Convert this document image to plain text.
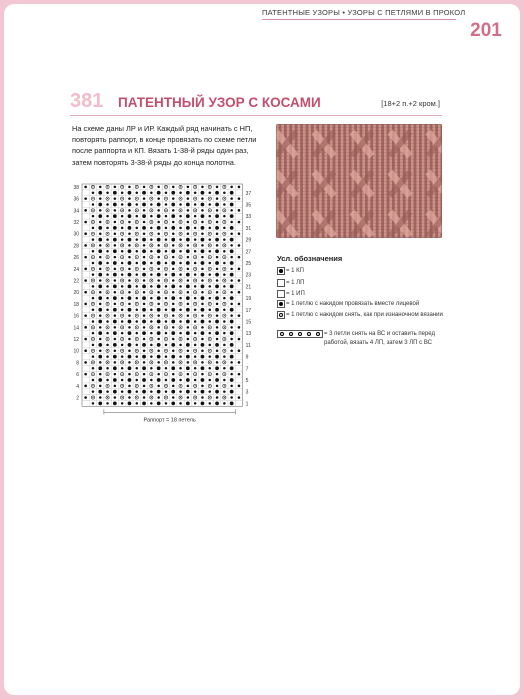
ПАТЕНТНЫЕ УЗОРЫ • УЗОРЫ С ПЕТЛЯМИ В ПРОКОЛ
201
381 ПАТЕНТНЫЙ УЗОР С КОСАМИ	[18+2 п.+2 кром.]
На схеме даны ЛР и ИР. Каждый ряд начинать с НП, повторять раппорт, в конце провязать по схеме петли после раппорта и КП. Вязать 1-38-й ряды один раз, затем повторять 3-38-й ряды до конца полотна.
Раппорт = 18 петель
38
36
34
32
30
28
26
24
22
20
18
16
14
12
10
8
6
4
2
37
35
33
31
29
27
25
23
21
19
17
15
13
11
9
7
5
3
1
Усл. обозначения
= 1 КП
= 1 ЛП
= 1 ИП
= 1 петлю с накидом провязать вместе лицевой
= 1 петлю с накидом снять, как при изнаночном вязании
= 3 петли снять на ВС и оставить перед работой, вязать 4 ЛП, затем 3 ЛП с ВС
